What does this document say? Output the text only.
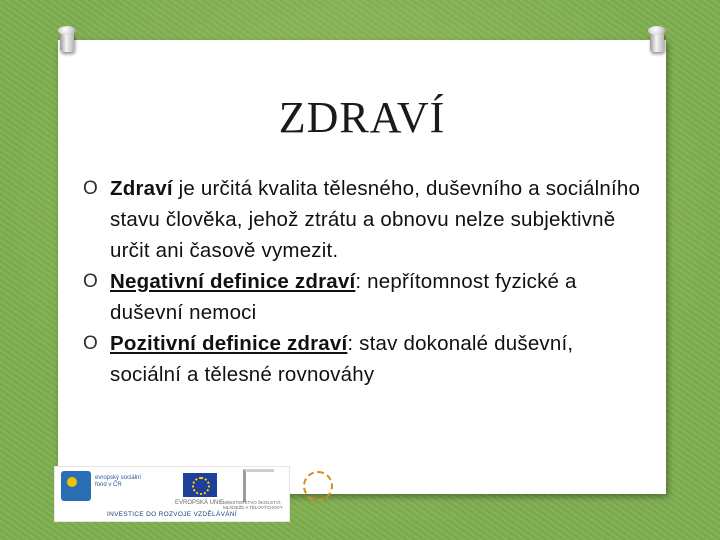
ZDRAVÍ
O Zdraví je určitá kvalita tělesného, duševního a sociálního stavu člověka, jehož ztrátu a obnovu nelze subjektivně určit ani časově vymezit.
O Negativní definice zdraví: nepřítomnost fyzické a duševní nemoci
O Pozitivní definice zdraví: stav dokonalé duševní, sociální a tělesné rovnováhy
evropský sociální fond v ČR
EVROPSKÁ UNIE
MINISTERSTVO ŠKOLSTVÍ, MLÁDEŽE A TĚLOVÝCHOVY
INVESTICE DO ROZVOJE VZDĚLÁVÁNÍ
